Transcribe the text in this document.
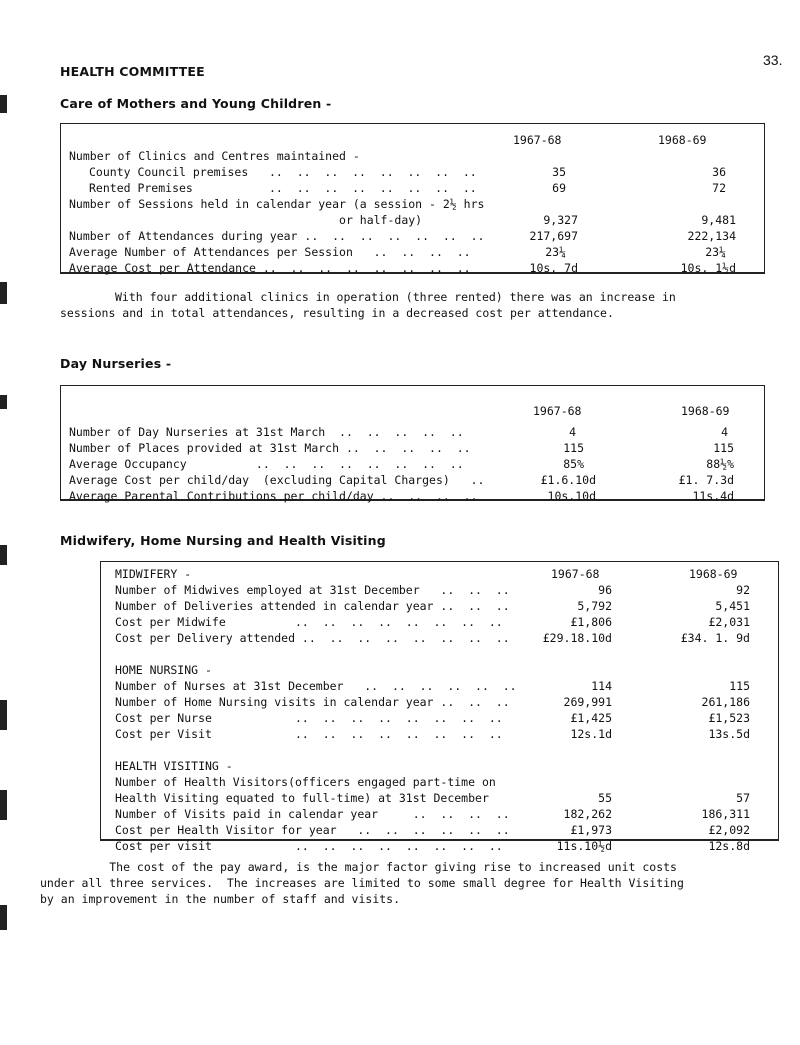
33.
HEALTH COMMITTEE
Care of Mothers and Young Children -
1967-68	1968-69
Number of Clinics and Centres maintained -
County Council premises   ..  ..  ..  ..  ..  ..  ..  ..	35	36
Rented Premises           ..  ..  ..  ..  ..  ..  ..  ..	69	72
Number of Sessions held in calendar year (a session - 2½ hrs
or half-day)	9,327	9,481
Number of Attendances during year ..  ..  ..  ..  ..  ..  ..	217,697	222,134
Average Number of Attendances per Session   ..  ..  ..  ..	23¼	23¼
Average Cost per Attendance ..  ..  ..  ..  ..  ..  ..  ..	10s. 7d	10s. 1½d
With four additional clinics in operation (three rented) there was an increase in
sessions and in total attendances, resulting in a decreased cost per attendance.
Day Nurseries -
1967-68	1968-69
Number of Day Nurseries at 31st March  ..  ..  ..  ..  ..	4	4
Number of Places provided at 31st March ..  ..  ..  ..  ..	115	115
Average Occupancy          ..  ..  ..  ..  ..  ..  ..  ..	85%	88½%
Average Cost per child/day  (excluding Capital Charges)   ..	£1.6.10d	£1. 7.3d
Average Parental Contributions per child/day ..  ..  ..  ..	10s.10d	11s.4d
Midwifery, Home Nursing and Health Visiting
MIDWIFERY -	1967-68	1968-69
Number of Midwives employed at 31st December   ..  ..  ..	96	92
Number of Deliveries attended in calendar year ..  ..  ..	5,792	5,451
Cost per Midwife          ..  ..  ..  ..  ..  ..  ..  ..	£1,806	£2,031
Cost per Delivery attended ..  ..  ..  ..  ..  ..  ..  ..	£29.18.10d	£34. 1. 9d
HOME NURSING -
Number of Nurses at 31st December   ..  ..  ..  ..  ..  ..	114	115
Number of Home Nursing visits in calendar year ..  ..  ..	269,991	261,186
Cost per Nurse            ..  ..  ..  ..  ..  ..  ..  ..	£1,425	£1,523
Cost per Visit            ..  ..  ..  ..  ..  ..  ..  ..	12s.1d	13s.5d
HEALTH VISITING -
Number of Health Visitors(officers engaged part-time on
Health Visiting equated to full-time) at 31st December	55	57
Number of Visits paid in calendar year     ..  ..  ..  ..	182,262	186,311
Cost per Health Visitor for year   ..  ..  ..  ..  ..  ..	£1,973	£2,092
Cost per visit            ..  ..  ..  ..  ..  ..  ..  ..	11s.10½d	12s.8d
The cost of the pay award, is the major factor giving rise to increased unit costs
under all three services.  The increases are limited to some small degree for Health Visiting
by an improvement in the number of staff and visits.
